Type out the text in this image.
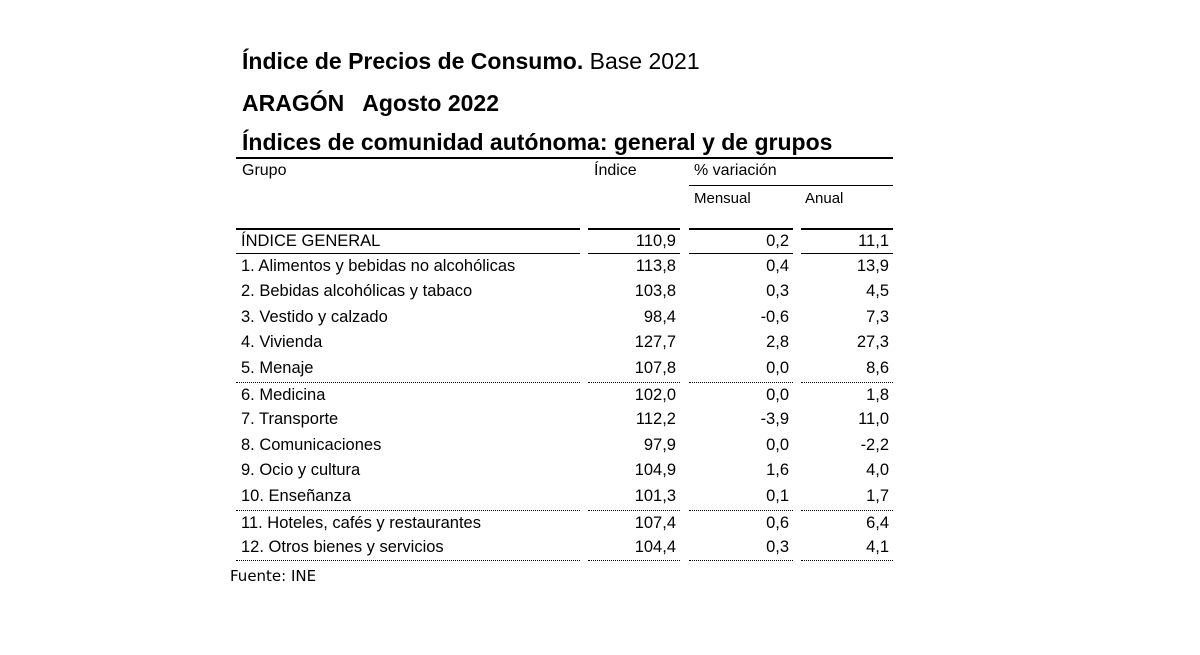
Índice de Precios de Consumo. Base 2021
ARAGÓN Agosto 2022
Índices de comunidad autónoma: general y de grupos
Grupo	Índice	% variación
Mensual	Anual
ÍNDICE GENERAL	110,9	0,2	11,1
1. Alimentos y bebidas no alcohólicas	113,8	0,4	13,9
2. Bebidas alcohólicas y tabaco	103,8	0,3	4,5
3. Vestido y calzado	98,4	-0,6	7,3
4. Vivienda	127,7	2,8	27,3
5. Menaje	107,8	0,0	8,6
6. Medicina	102,0	0,0	1,8
7. Transporte	112,2	-3,9	11,0
8. Comunicaciones	97,9	0,0	-2,2
9. Ocio y cultura	104,9	1,6	4,0
10. Enseñanza	101,3	0,1	1,7
11. Hoteles, cafés y restaurantes	107,4	0,6	6,4
12. Otros bienes y servicios	104,4	0,3	4,1
Fuente: INE
